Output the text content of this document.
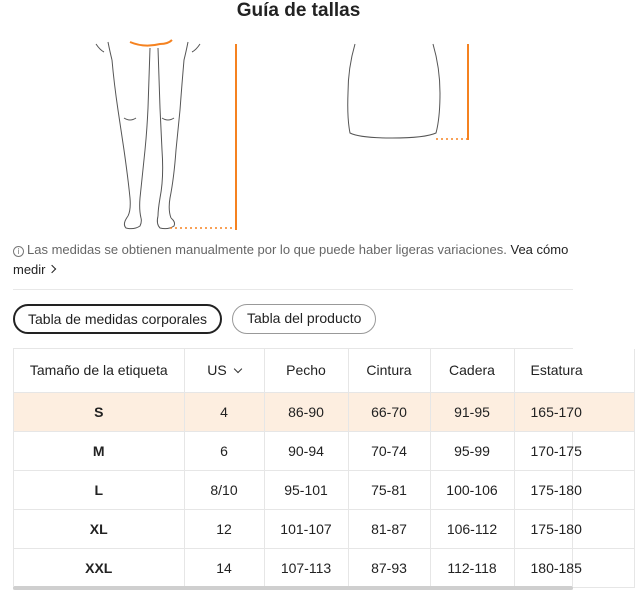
Guía de tallas
i Las medidas se obtienen manualmente por lo que puede haber ligeras variaciones. Vea cómo medir
Tabla de medidas corporales	Tabla del producto
Tamaño de la etiqueta	US	Pecho	Cintura	Cadera	Estatura
S	4	86-90	66-70	91-95	165-170
M	6	90-94	70-74	95-99	170-175
L	8/10	95-101	75-81	100-106	175-180
XL	12	101-107	81-87	106-112	175-180
XXL	14	107-113	87-93	112-118	180-185
